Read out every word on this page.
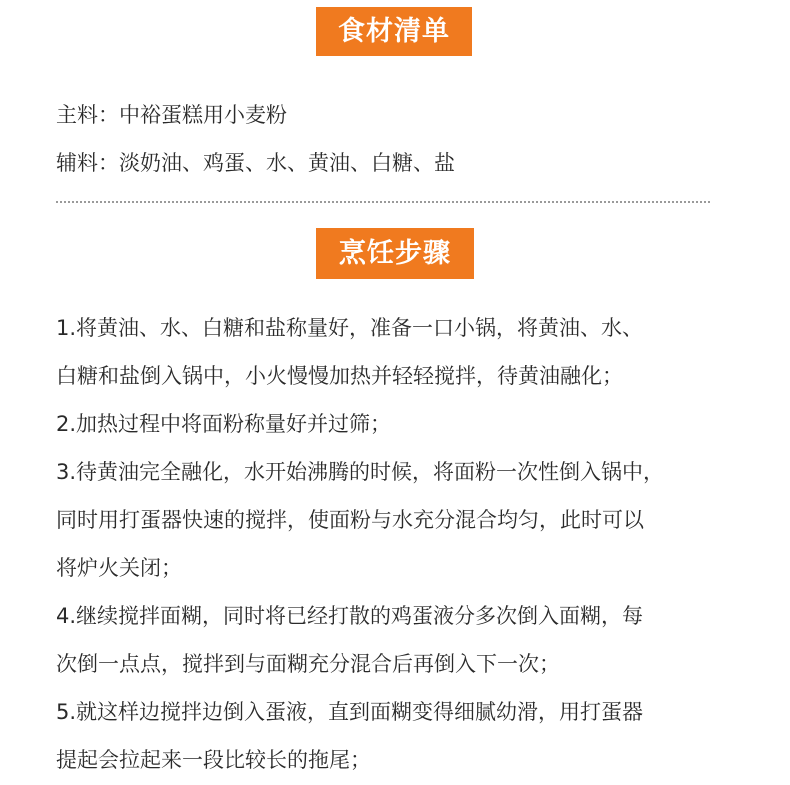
食材清单
主料：中裕蛋糕用小麦粉
辅料：淡奶油、鸡蛋、水、黄油、白糖、盐
烹饪步骤
1.将黄油、水、白糖和盐称量好，准备一口小锅，将黄油、水、
白糖和盐倒入锅中，小火慢慢加热并轻轻搅拌，待黄油融化；
2.加热过程中将面粉称量好并过筛；
3.待黄油完全融化，水开始沸腾的时候，将面粉一次性倒入锅中，
同时用打蛋器快速的搅拌，使面粉与水充分混合均匀，此时可以
将炉火关闭；
4.继续搅拌面糊，同时将已经打散的鸡蛋液分多次倒入面糊，每
次倒一点点，搅拌到与面糊充分混合后再倒入下一次；
5.就这样边搅拌边倒入蛋液，直到面糊变得细腻幼滑，用打蛋器
提起会拉起来一段比较长的拖尾；
